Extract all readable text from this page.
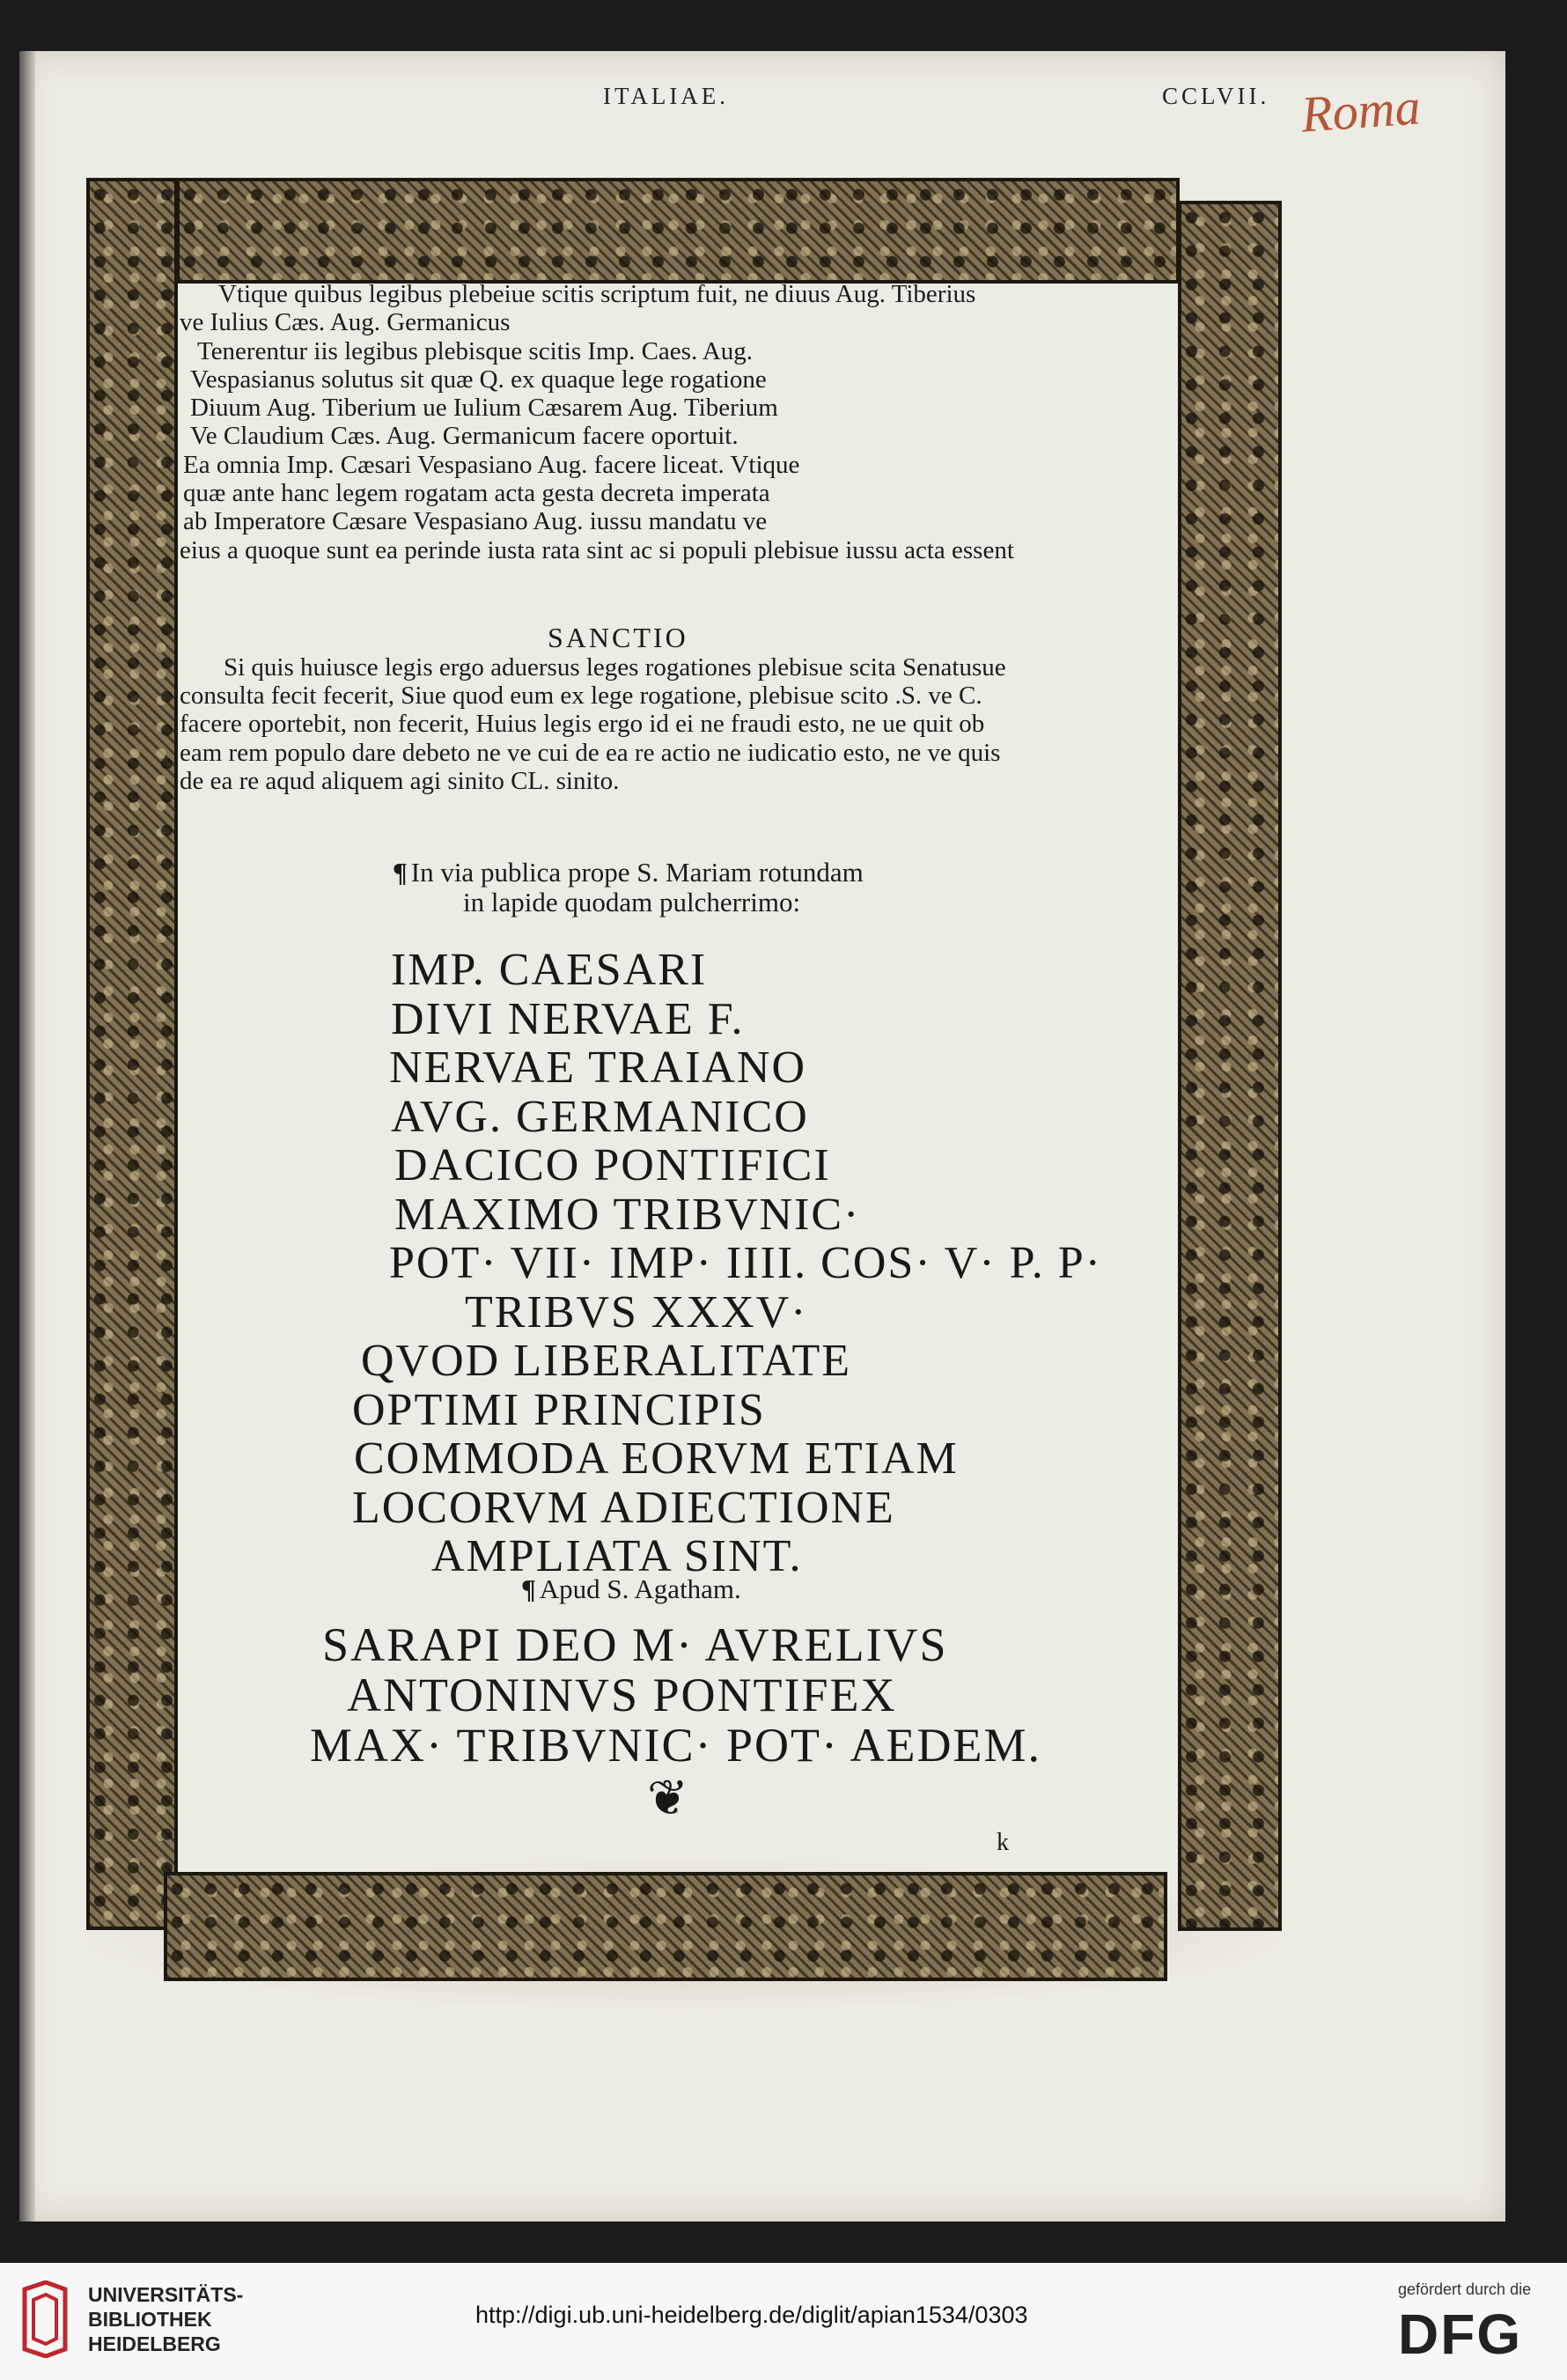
ITALIAE.	CCLVII. Roma

Vtique quibus legibus plebeiue scitis scriptum fuit, ne diuus Aug. Tiberius

ve Iulius Cæs. Aug. Germanicus

Tenerentur iis legibus plebisque scitis Imp. Caes. Aug.

Vespasianus solutus sit quæ Q. ex quaque lege rogatione

Diuum Aug. Tiberium ue Iulium Cæsarem Aug. Tiberium

Ve Claudium Cæs. Aug. Germanicum facere oportuit.

Ea omnia Imp. Cæsari Vespasiano Aug. facere liceat. Vtique

quæ ante hanc legem rogatam acta gesta decreta imperata

ab Imperatore Cæsare Vespasiano Aug. iussu mandatu ve

eius a quoque sunt ea perinde iusta rata sint ac si populi plebisue iussu acta essent

SANCTIO
Si quis huiusce legis ergo aduersus leges rogationes plebisue scita Senatusue
consulta fecit fecerit, Siue quod eum ex lege rogatione, plebisue scito .S. ve C.
facere oportebit, non fecerit, Huius legis ergo id ei ne fraudi esto, ne ue quit ob
eam rem populo dare debeto ne ve cui de ea re actio ne iudicatio esto, ne ve quis
de ea re aqud aliquem agi sinito CL. sinito.
¶ In via publica prope S. Mariam rotundam
in lapide quodam pulcherrimo:
IMP. CAESARI
DIVI NERVAE F.
NERVAE TRAIANO
AVG. GERMANICO
DACICO PONTIFICI
MAXIMO TRIBVNIC·
POT· VII· IMP· IIII. COS· V· P. P·
TRIBVS XXXV·
QVOD LIBERALITATE
OPTIMI PRINCIPIS
COMMODA EORVM ETIAM
LOCORVM ADIECTIONE
AMPLIATA SINT.
¶ Apud S. Agatham.
SARAPI DEO M· AVRELIVS
ANTONINVS PONTIFEX
MAX· TRIBVNIC· POT· AEDEM.
❦
k
UNIVERSITÄTS-
BIBLIOTHEK
HEIDELBERG
http://digi.ub.uni-heidelberg.de/diglit/apian1534/0303
gefördert durch die
DFG
